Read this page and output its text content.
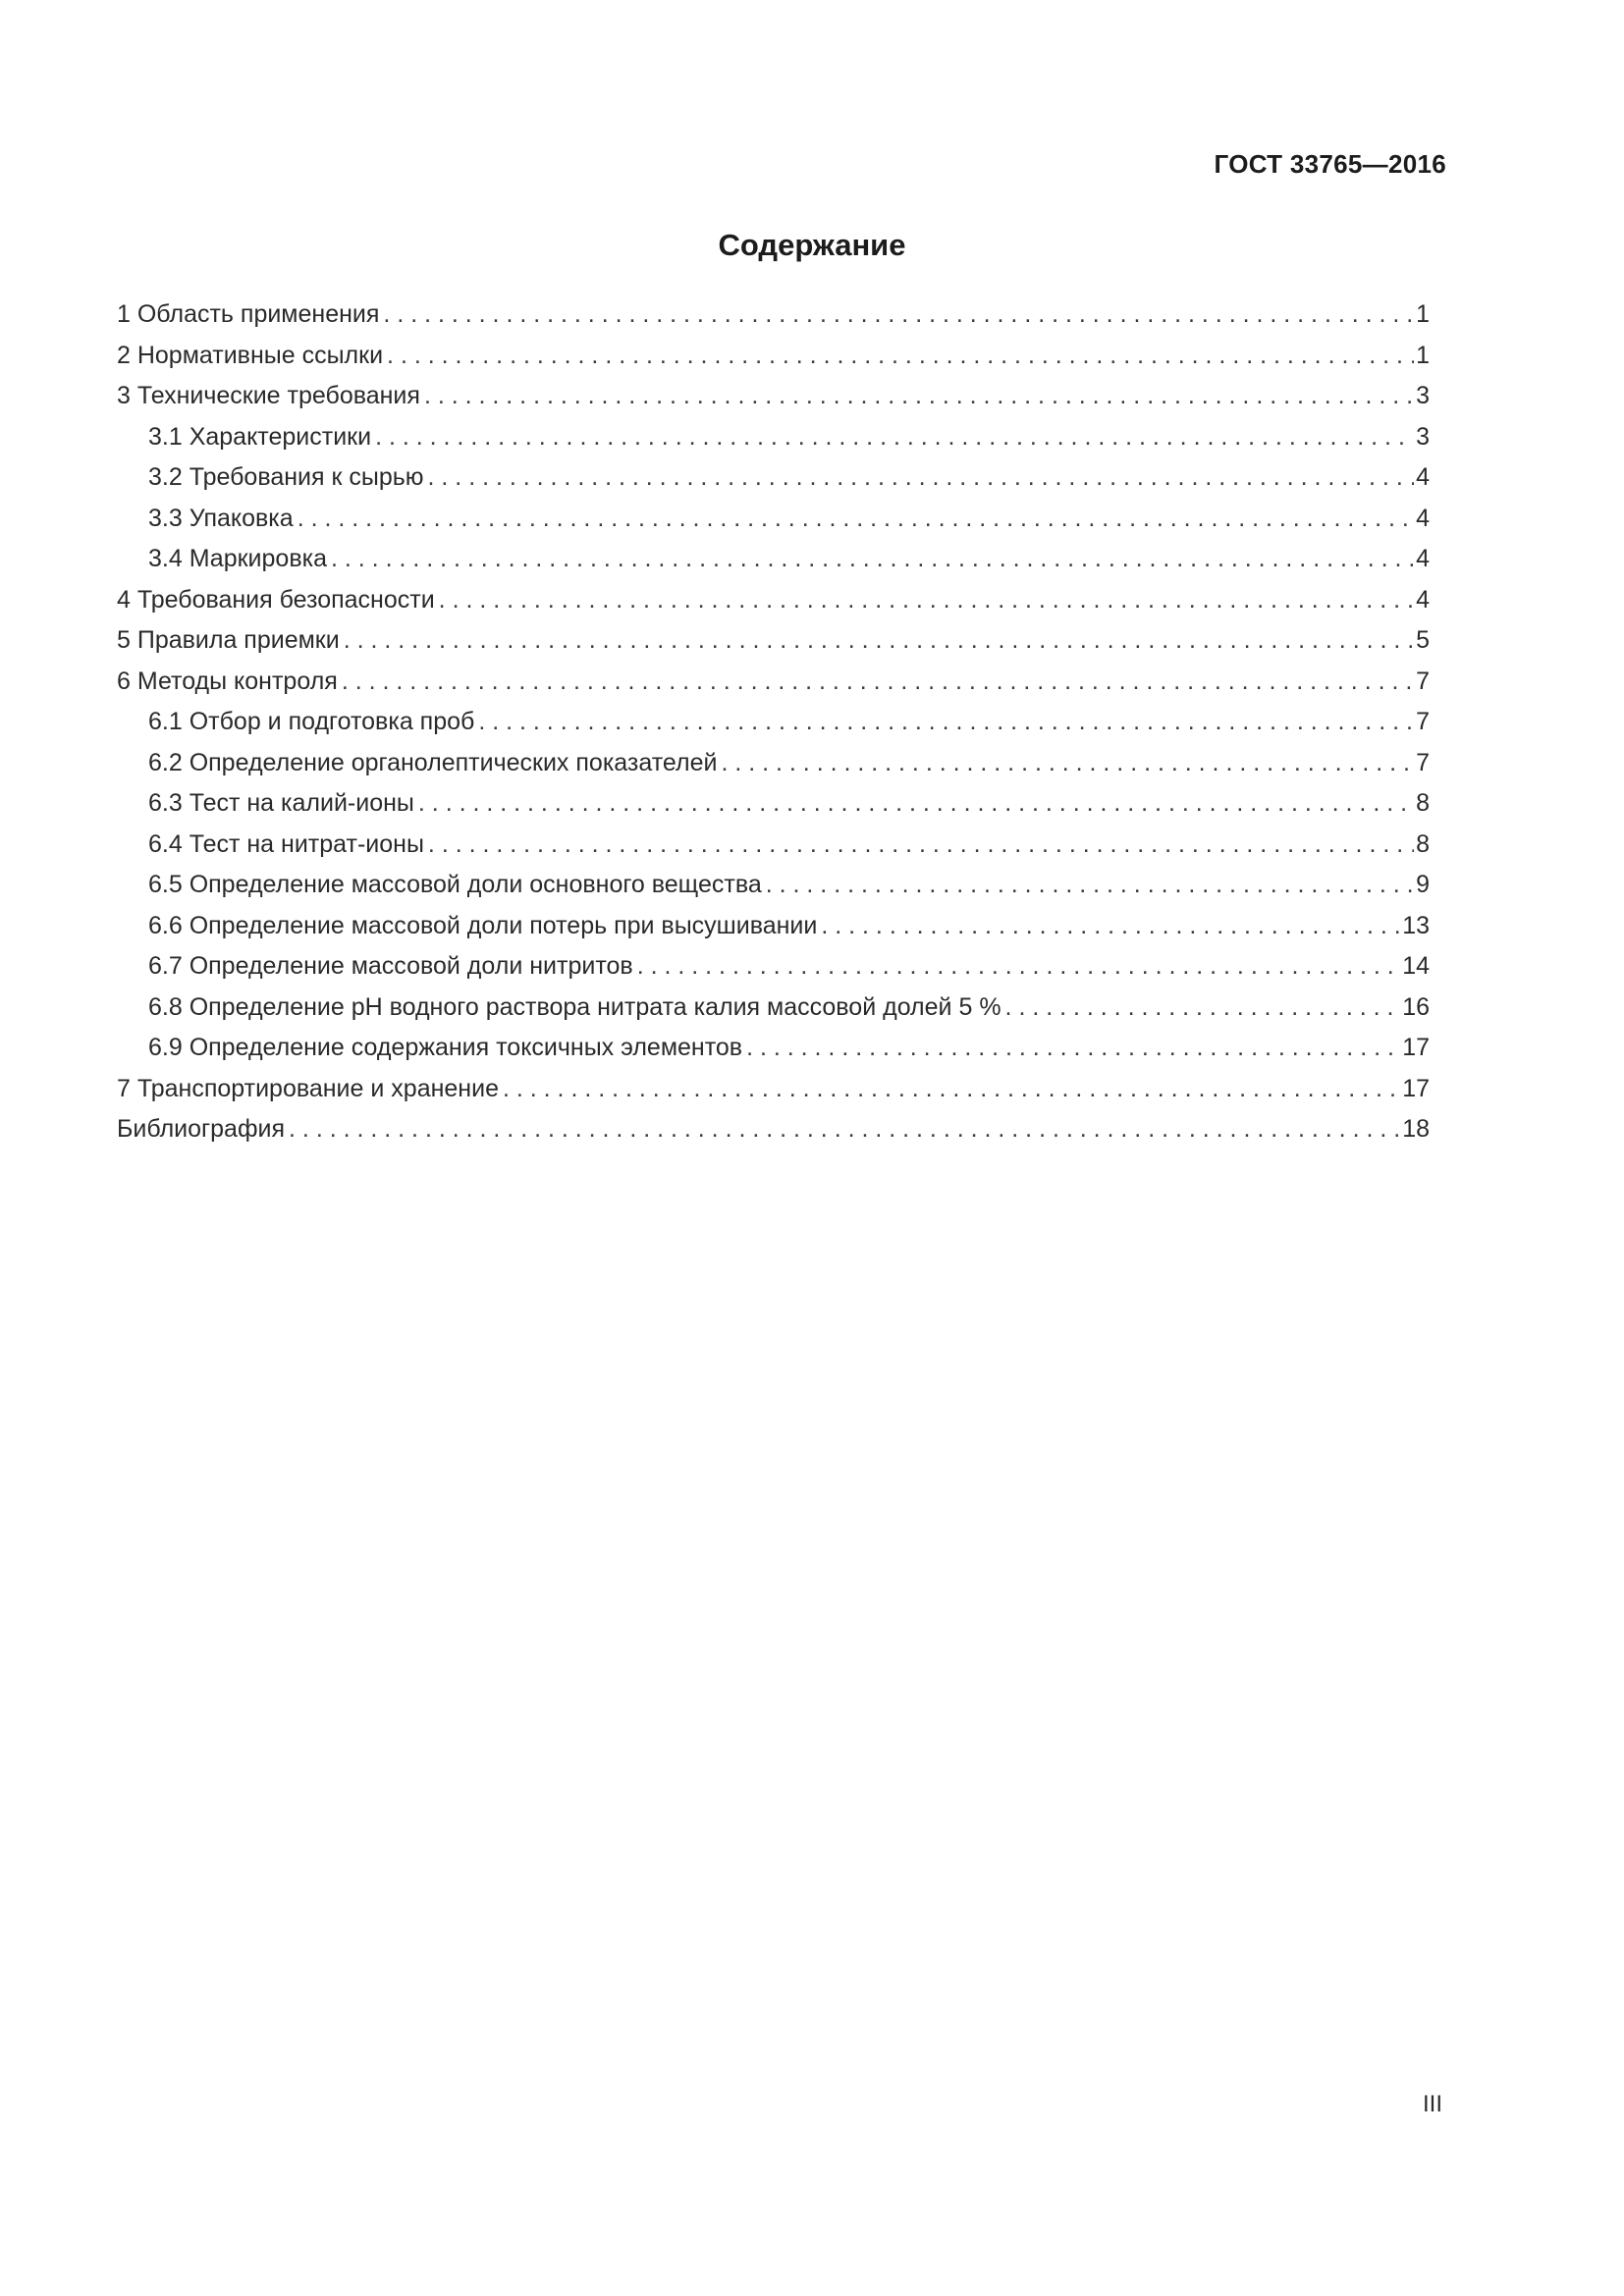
ГОСТ 33765—2016
Содержание
1 Область применения . . .	1
2 Нормативные ссылки . . .	1
3 Технические требования . . .	3
3.1 Характеристики . . .	3
3.2 Требования к сырью . . .	4
3.3 Упаковка . . .	4
3.4 Маркировка . . .	4
4 Требования безопасности . . .	4
5 Правила приемки . . .	5
6 Методы контроля . . .	7
6.1 Отбор и подготовка проб . . .	7
6.2 Определение органолептических показателей . . .	7
6.3 Тест на калий-ионы . . .	8
6.4 Тест на нитрат-ионы . . .	8
6.5 Определение массовой доли основного вещества . . .	9
6.6 Определение массовой доли потерь при высушивании . . .	13
6.7 Определение массовой доли нитритов . . .	14
6.8 Определение pH водного раствора нитрата калия массовой долей 5 % . . .	16
6.9 Определение содержания токсичных элементов . . .	17
7 Транспортирование и хранение . . .	17
Библиография . . .	18
III
